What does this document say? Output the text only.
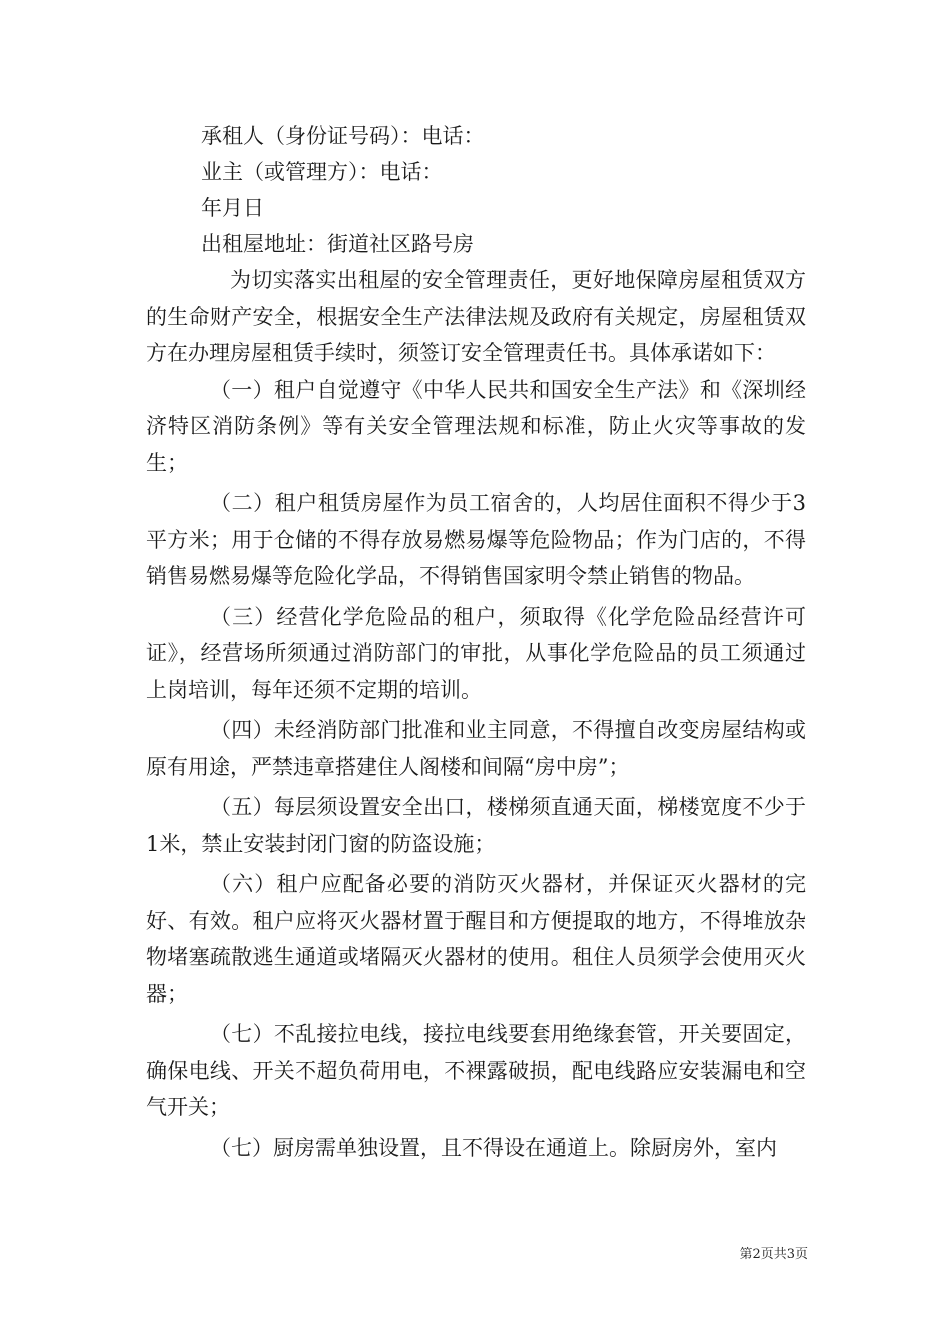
承租人（身份证号码）：电话：

业主（或管理方）：电话：

年月日

出租屋地址：街道社区路号房

为切实落实出租屋的安全管理责任，更好地保障房屋租赁双方的生命财产安全，根据安全生产法律法规及政府有关规定，房屋租赁双方在办理房屋租赁手续时，须签订安全管理责任书。具体承诺如下：

（一）租户自觉遵守《中华人民共和国安全生产法》和《深圳经济特区消防条例》等有关安全管理法规和标准，防止火灾等事故的发生；

（二）租户租赁房屋作为员工宿舍的，人均居住面积不得少于3平方米；用于仓储的不得存放易燃易爆等危险物品；作为门店的，不得销售易燃易爆等危险化学品，不得销售国家明令禁止销售的物品。

（三）经营化学危险品的租户，须取得《化学危险品经营许可证》，经营场所须通过消防部门的审批，从事化学危险品的员工须通过上岗培训，每年还须不定期的培训。

（四）未经消防部门批准和业主同意，不得擅自改变房屋结构或原有用途，严禁违章搭建住人阁楼和间隔“房中房”；

（五）每层须设置安全出口，楼梯须直通天面，梯楼宽度不少于1米，禁止安装封闭门窗的防盗设施；

（六）租户应配备必要的消防灭火器材，并保证灭火器材的完好、有效。租户应将灭火器材置于醒目和方便提取的地方，不得堆放杂物堵塞疏散逃生通道或堵隔灭火器材的使用。租住人员须学会使用灭火器；

（七）不乱接拉电线，接拉电线要套用绝缘套管，开关要固定，确保电线、开关不超负荷用电，不裸露破损，配电线路应安装漏电和空气开关；

（七）厨房需单独设置，且不得设在通道上。除厨房外，室内

第2页共3页
